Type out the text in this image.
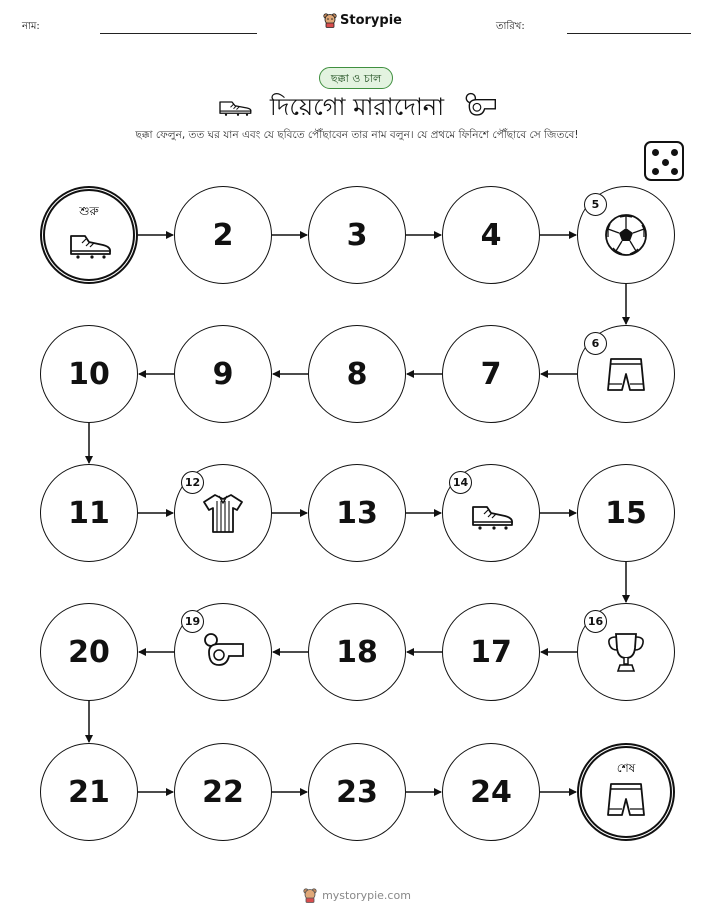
নাম:	Storypie	তারিখ:
ছক্কা ও চাল
দিয়েগো মারাদোনা
ছক্কা ফেলুন, তত ঘর যান এবং যে ছবিতে পৌঁছাবেন তার নাম বলুন। যে প্রথমে ফিনিশে পৌঁছাবে সে জিতবে!
শুরু
2	3	4
5
6
7
8
9
10
11
12
13
14
15
16
17
18
19
20
21	22	23	24
শেষ
mystorypie.com
